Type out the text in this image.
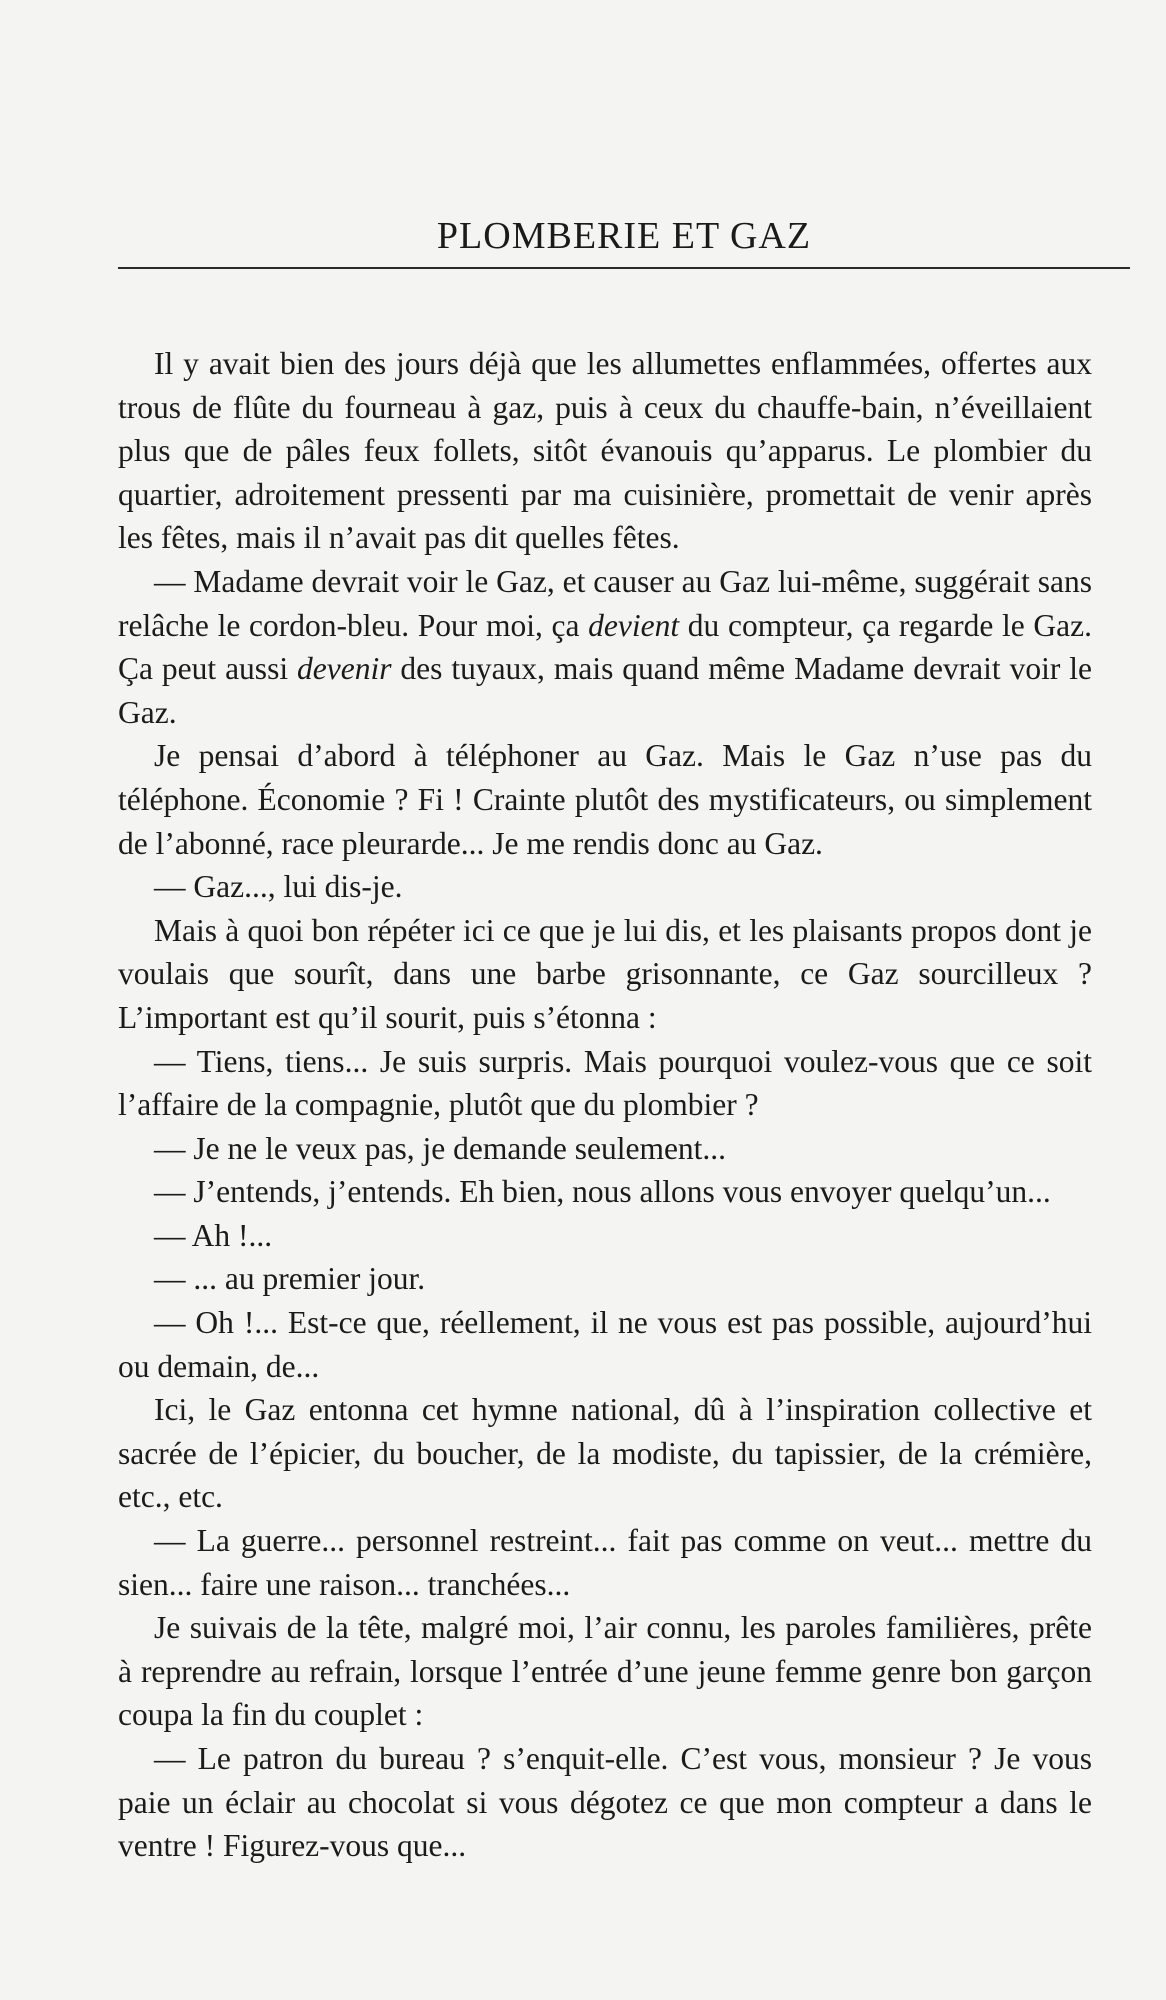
PLOMBERIE ET GAZ

Il y avait bien des jours déjà que les allumettes enflammées, offertes aux trous de flûte du fourneau à gaz, puis à ceux du chauffe-bain, n’éveillaient plus que de pâles feux follets, sitôt évanouis qu’apparus. Le plombier du quartier, adroitement pressenti par ma cuisinière, promettait de venir après les fêtes, mais il n’avait pas dit quelles fêtes.

— Madame devrait voir le Gaz, et causer au Gaz lui-même, suggérait sans relâche le cordon-bleu. Pour moi, ça devient du compteur, ça regarde le Gaz. Ça peut aussi devenir des tuyaux, mais quand même Madame devrait voir le Gaz.

Je pensai d’abord à téléphoner au Gaz. Mais le Gaz n’use pas du téléphone. Économie ? Fi ! Crainte plutôt des mystificateurs, ou simplement de l’abonné, race pleurarde... Je me rendis donc au Gaz.

— Gaz..., lui dis-je.

Mais à quoi bon répéter ici ce que je lui dis, et les plaisants propos dont je voulais que sourît, dans une barbe grisonnante, ce Gaz sourcilleux ? L’important est qu’il sourit, puis s’étonna :

— Tiens, tiens... Je suis surpris. Mais pourquoi voulez-vous que ce soit l’affaire de la compagnie, plutôt que du plombier ?

— Je ne le veux pas, je demande seulement...

— J’entends, j’entends. Eh bien, nous allons vous envoyer quelqu’un...

— Ah !...

— ... au premier jour.

— Oh !... Est-ce que, réellement, il ne vous est pas possible, aujourd’hui ou demain, de...

Ici, le Gaz entonna cet hymne national, dû à l’inspiration collective et sacrée de l’épicier, du boucher, de la modiste, du tapissier, de la crémière, etc., etc.

— La guerre... personnel restreint... fait pas comme on veut... mettre du sien... faire une raison... tranchées...

Je suivais de la tête, malgré moi, l’air connu, les paroles familières, prête à reprendre au refrain, lorsque l’entrée d’une jeune femme genre bon garçon coupa la fin du couplet :

— Le patron du bureau ? s’enquit-elle. C’est vous, monsieur ? Je vous paie un éclair au chocolat si vous dégotez ce que mon compteur a dans le ventre ! Figurez-vous que...
